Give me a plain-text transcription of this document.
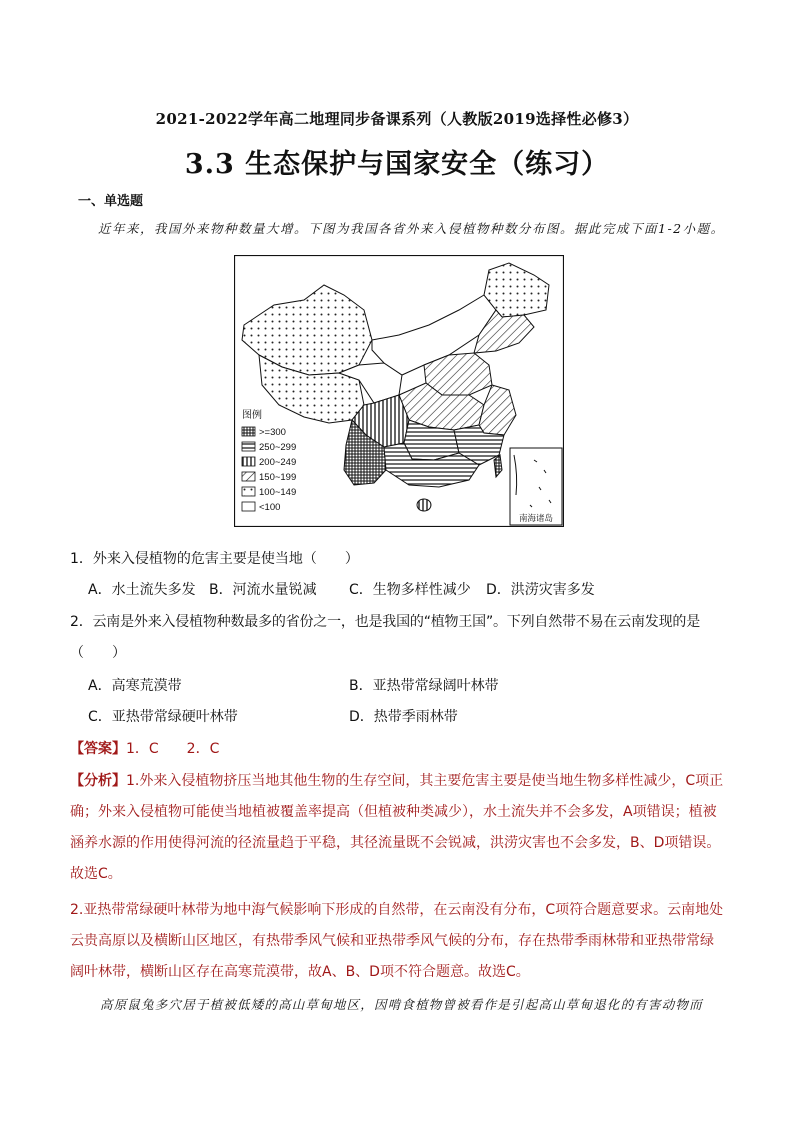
2021-2022学年高二地理同步备课系列（人教版2019选择性必修3）
3.3 生态保护与国家安全（练习）
一、单选题
近年来，我国外来物种数量大增。下图为我国各省外来入侵植物种数分布图。据此完成下面1-2小题。
图例
>=300
250~299
200~249
150~199
100~149
<100
南海诸岛
1．外来入侵植物的危害主要是使当地（　　）
A．水土流失多发 B．河流水量锐减 C．生物多样性减少 D．洪涝灾害多发
2．云南是外来入侵植物种数最多的省份之一，也是我国的“植物王国”。下列自然带不易在云南发现的是
（　　）
A．高寒荒漠带	B．亚热带常绿阔叶林带
C．亚热带常绿硬叶林带	D．热带季雨林带
【答案】1．C　　2．C
【分析】1.外来入侵植物挤压当地其他生物的生存空间，其主要危害主要是使当地生物多样性减少，C项正
确；外来入侵植物可能使当地植被覆盖率提高（但植被种类减少），水土流失并不会多发，A项错误；植被
涵养水源的作用使得河流的径流量趋于平稳，其径流量既不会锐减，洪涝灾害也不会多发，B、D项错误。
故选C。
2.亚热带常绿硬叶林带为地中海气候影响下形成的自然带，在云南没有分布，C项符合题意要求。云南地处
云贵高原以及横断山区地区，有热带季风气候和亚热带季风气候的分布，存在热带季雨林带和亚热带常绿
阔叶林带，横断山区存在高寒荒漠带，故A、B、D项不符合题意。故选C。
高原鼠兔多穴居于植被低矮的高山草甸地区，因啃食植物曾被看作是引起高山草甸退化的有害动物而
